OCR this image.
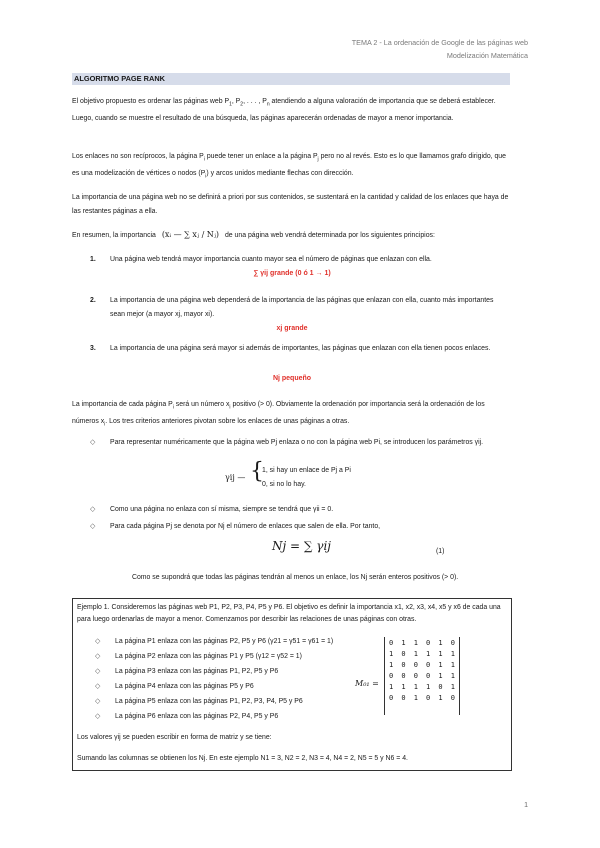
TEMA 2 - La ordenación de Google de las páginas web
Modelización Matemática
ALGORITMO PAGE RANK
El objetivo propuesto es ordenar las páginas web $P_1$, $P_2$, . . . , $P_n$ atendiendo a alguna valoración de importancia que se deberá establecer. Luego, cuando se muestre el resultado de una búsqueda, las páginas aparecerán ordenadas de mayor a menor importancia.
Los enlaces no son recíprocos, la página $P_i$ puede tener un enlace a la página $P_j$ pero no al revés. Esto es lo que llamamos grafo dirigido, que es una modelización de vértices o nodos $(P_i)$ y arcos unidos mediante flechas con dirección.
La importancia de una página web no se definirá a priori por sus contenidos, se sustentará en la cantidad y calidad de los enlaces que haya de las restantes páginas a ella.
En resumen, la importancia (xᵢ — ∑ xⱼ / Nⱼ) de una página web vendrá determinada por los siguientes principios:
1. Una página web tendrá mayor importancia cuanto mayor sea el número de páginas que enlazan con ella.
∑ γij grande (0 ó 1 → 1)
2. La importancia de una página web dependerá de la importancia de las páginas que enlazan con ella, cuanto más importantes sean mejor (a mayor xj, mayor xi).
xj grande
3. La importancia de una página será mayor si además de importantes, las páginas que enlazan con ella tienen pocos enlaces.
Nj pequeño
La importancia de cada página $P_i$ será un número $x_i$ positivo (> 0). Obviamente la ordenación por importancia será la ordenación de los números $x_i$. Los tres criterios anteriores pivotan sobre los enlaces de unas páginas a otras.
◇ Para representar numéricamente que la página web Pj enlaza o no con la página web Pi, se introducen los parámetros γij.
γij — {
1, si hay un enlace de Pj a Pi
0, si no lo hay.
◇ Como una página no enlaza con sí misma, siempre se tendrá que γii = 0.
◇ Para cada página Pj se denota por Nj el número de enlaces que salen de ella. Por tanto,
Nj = ∑ γij	(1)
Como se supondrá que todas las páginas tendrán al menos un enlace, los Nj serán enteros positivos (> 0).
Ejemplo 1. Consideremos las páginas web P1, P2, P3, P4, P5 y P6. El objetivo es definir la importancia x1, x2, x3, x4, x5 y x6 de cada una para luego ordenarlas de mayor a menor. Comenzamos por describir las relaciones de unas páginas con otras.
◇ La página P1 enlaza con las páginas P2, P5 y P6 (γ21 = γ51 = γ61 = 1)
◇ La página P2 enlaza con las páginas P1 y P5 (γ12 = γ52 = 1)
◇ La página P3 enlaza con las páginas P1, P2, P5 y P6
◇ La página P4 enlaza con las páginas P5 y P6
◇ La página P5 enlaza con las páginas P1, P2, P3, P4, P5 y P6
◇ La página P6 enlaza con las páginas P2, P4, P5 y P6
M₀₁ =
Los valores γij se pueden escribir en forma de matriz y se tiene:
Sumando las columnas se obtienen los Nj. En este ejemplo N1 = 3, N2 = 2, N3 = 4, N4 = 2, N5 = 5 y N6 = 4.
0	1	1	0	1	0
1	0	1	1	1	1
1	0	0	0	1	1
0	0	0	0	1	1
1	1	1	1	0	1
0	0	1	0	1	0
1
